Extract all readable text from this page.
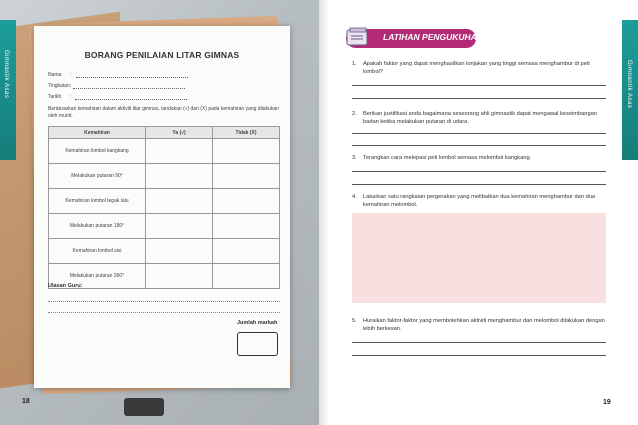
BORANG PENILAIAN LITAR GIMNAS
Nama :
Tingkatan :
Tarikh :
Berdasarkan kemahiran dalam aktiviti litar gimnas, tandakan (√) dan (X) pada kemahiran yang dilakukan oleh murid.
Kemahiran	Ya (√)	Tidak (X)
Kemahiran lombol kangkang		
Melakukan putaran 90°		
Kemahiran lombol tegak lalu		
Melakukan putaran 180°		
Kemahiran lombol sisi		
Melakukan putaran 360°		
Ulasan Guru:
Jumlah markah
Gimnastik Asas
18
LATIHAN PENGUKUHAN
1. Apakah faktor yang dapat menghasilkan lonjakan yang tinggi semasa menghambur di peti lombol?
2. Berikan justifikasi anda bagaimana seseorang ahli gimnastik dapat mengawal keseimbangan badan ketika melakukan putaran di udara.
3. Terangkan cara melepasi peti lombol semasa melombol kangkang.
4. Lakarkan satu rangkaian pergerakan yang melibatkan dua kemahiran menghambur dan dua kemahiran melombol.
5. Huraikan faktor-faktor yang membolehkan aktiviti menghambur dan melombol dilakukan dengan lebih berkesan.
Gimnastik Asas
19
